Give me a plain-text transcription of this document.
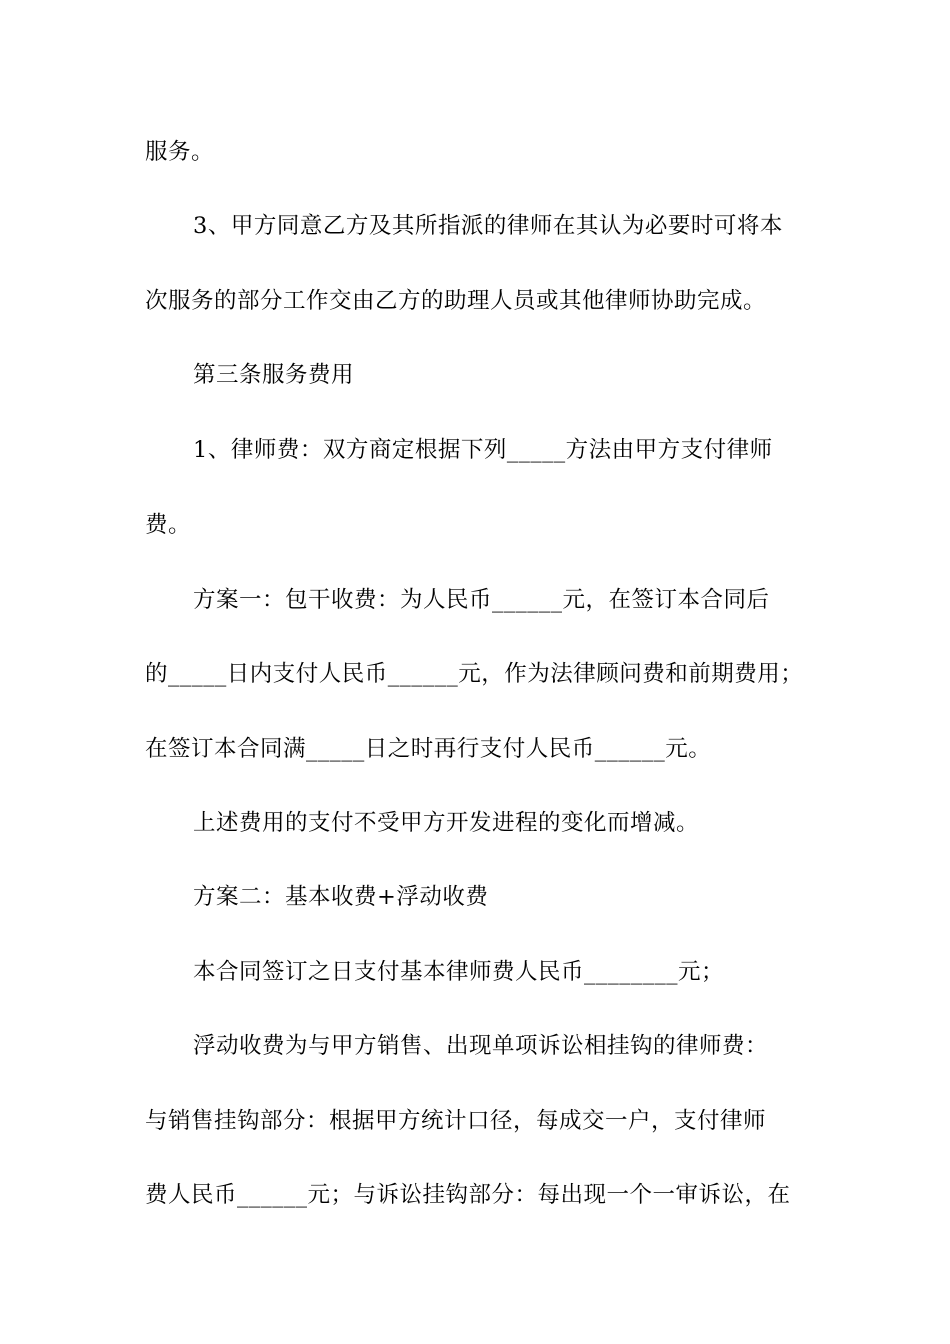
服务。
3、甲方同意乙方及其所指派的律师在其认为必要时可将本
次服务的部分工作交由乙方的助理人员或其他律师协助完成。
第三条服务费用
1、律师费：双方商定根据下列_____方法由甲方支付律师
费。
方案一：包干收费：为人民币______元，在签订本合同后
的_____日内支付人民币______元，作为法律顾问费和前期费用；
在签订本合同满_____日之时再行支付人民币______元。
上述费用的支付不受甲方开发进程的变化而增减。
方案二：基本收费+浮动收费
本合同签订之日支付基本律师费人民币________元；
浮动收费为与甲方销售、出现单项诉讼相挂钩的律师费：
与销售挂钩部分：根据甲方统计口径，每成交一户，支付律师
费人民币______元；与诉讼挂钩部分：每出现一个一审诉讼，在
